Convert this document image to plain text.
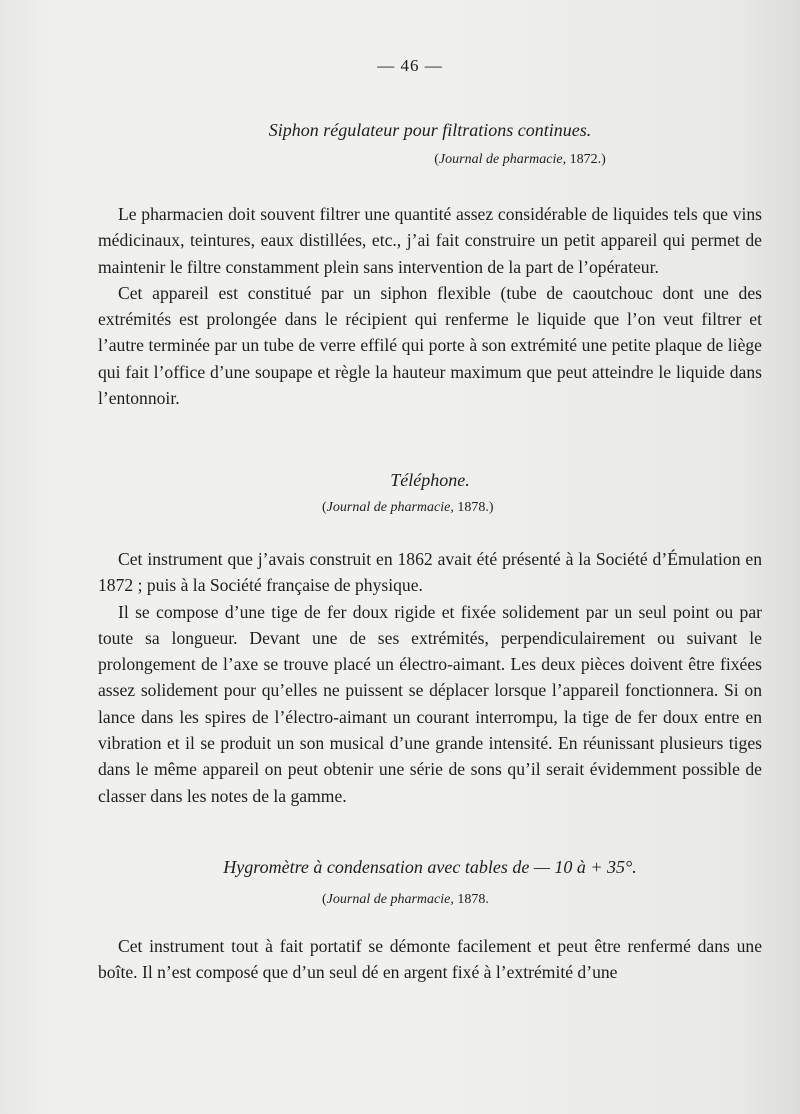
— 46 —

Siphon régulateur pour filtrations continues.

(Journal de pharmacie, 1872.)

Le pharmacien doit souvent filtrer une quantité assez considérable de liquides tels que vins médicinaux, teintures, eaux distillées, etc., j’ai fait construire un petit appareil qui permet de maintenir le filtre constamment plein sans intervention de la part de l’opérateur.

Cet appareil est constitué par un siphon flexible (tube de caoutchouc dont une des extrémités est prolongée dans le récipient qui renferme le liquide que l’on veut filtrer et l’autre terminée par un tube de verre effilé qui porte à son extrémité une petite plaque de liège qui fait l’office d’une soupape et règle la hauteur maximum que peut atteindre le liquide dans l’entonnoir.

Téléphone.

(Journal de pharmacie, 1878.)

Cet instrument que j’avais construit en 1862 avait été présenté à la Société d’Émulation en 1872 ; puis à la Société française de physique.

Il se compose d’une tige de fer doux rigide et fixée solidement par un seul point ou par toute sa longueur. Devant une de ses extrémités, perpendiculairement ou suivant le prolongement de l’axe se trouve placé un électro-aimant. Les deux pièces doivent être fixées assez solidement pour qu’elles ne puissent se déplacer lorsque l’appareil fonctionnera. Si on lance dans les spires de l’électro-aimant un courant interrompu, la tige de fer doux entre en vibration et il se produit un son musical d’une grande intensité. En réunissant plusieurs tiges dans le même appareil on peut obtenir une série de sons qu’il serait évidemment possible de classer dans les notes de la gamme.

Hygromètre à condensation avec tables de — 10 à + 35°.

(Journal de pharmacie, 1878.

Cet instrument tout à fait portatif se démonte facilement et peut être renfermé dans une boîte. Il n’est composé que d’un seul dé en argent fixé à l’extrémité d’une
